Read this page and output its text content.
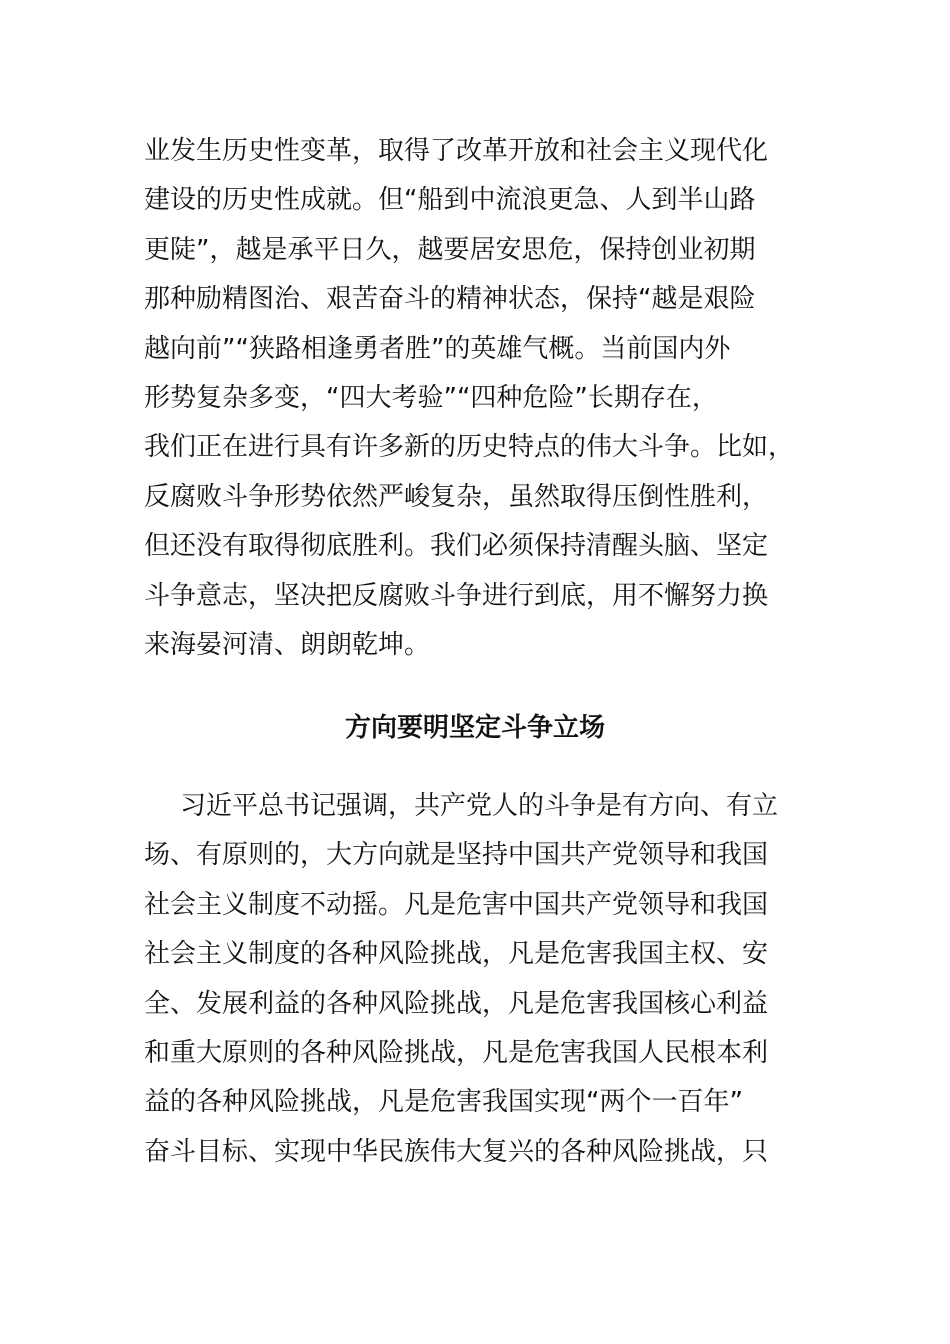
业发生历史性变革，取得了改革开放和社会主义现代化
建设的历史性成就。但“船到中流浪更急、人到半山路
更陡”，越是承平日久，越要居安思危，保持创业初期
那种励精图治、艰苦奋斗的精神状态，保持“越是艰险
越向前”“狭路相逢勇者胜”的英雄气概。当前国内外
形势复杂多变，“四大考验”“四种危险”长期存在，
我们正在进行具有许多新的历史特点的伟大斗争。比如，
反腐败斗争形势依然严峻复杂，虽然取得压倒性胜利，
但还没有取得彻底胜利。我们必须保持清醒头脑、坚定
斗争意志，坚决把反腐败斗争进行到底，用不懈努力换
来海晏河清、朗朗乾坤。
方向要明坚定斗争立场
习近平总书记强调，共产党人的斗争是有方向、有立
场、有原则的，大方向就是坚持中国共产党领导和我国
社会主义制度不动摇。凡是危害中国共产党领导和我国
社会主义制度的各种风险挑战，凡是危害我国主权、安
全、发展利益的各种风险挑战，凡是危害我国核心利益
和重大原则的各种风险挑战，凡是危害我国人民根本利
益的各种风险挑战，凡是危害我国实现“两个一百年”
奋斗目标、实现中华民族伟大复兴的各种风险挑战，只
